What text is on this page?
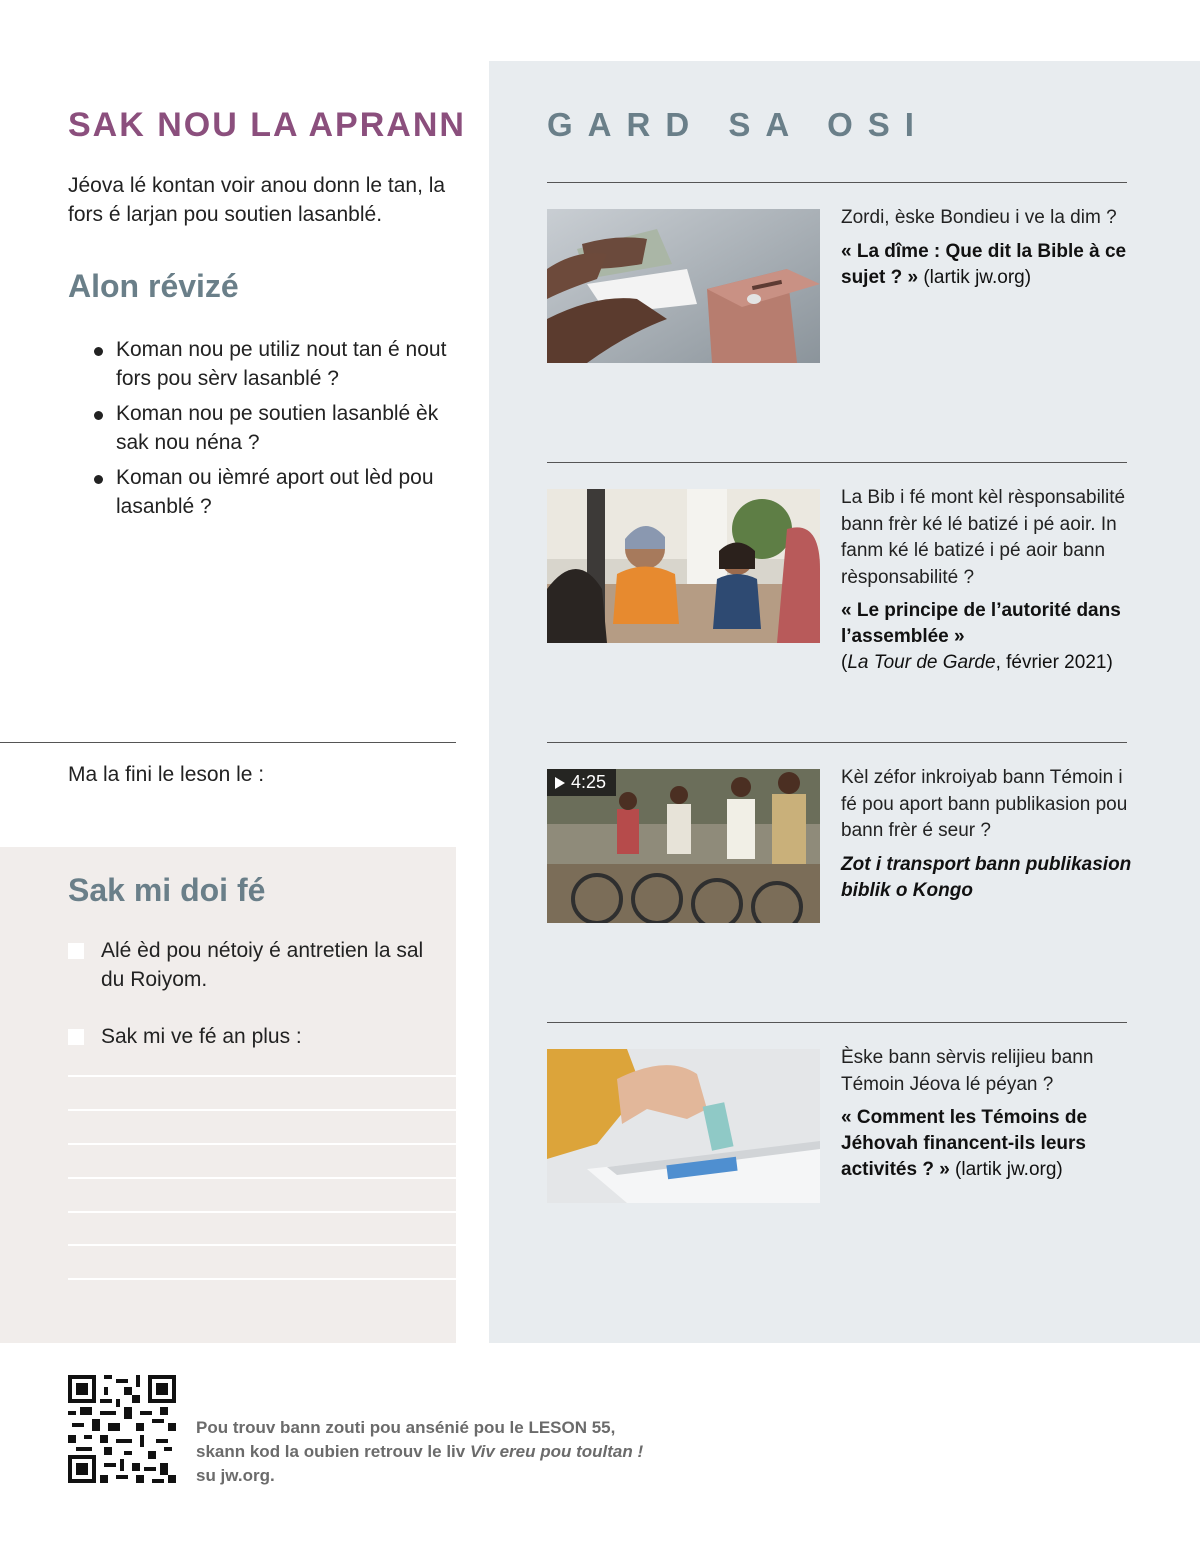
SAK NOU LA APRANN

Jéova lé kontan voir anou donn le tan, la fors é larjan pou soutien lasanblé.

Alon révizé
Koman nou pe utiliz nout tan é nout fors pou sèrv lasanblé ?
Koman nou pe soutien lasanblé èk sak nou néna ?
Koman ou ièmré aport out lèd pou lasanblé ?
Ma la fini le leson le :
Sak mi doi fé
Alé èd pou nétoiy é antretien la sal du Roiyom.
Sak mi ve fé an plus :
GARD SA OSI
Zordi, èske Bondieu i ve la dim ?
« La dîme : Que dit la Bible à ce sujet ? » (lartik jw.org)
La Bib i fé mont kèl rèsponsabilité bann frèr ké lé batizé i pé aoir. In fanm ké lé batizé i pé aoir bann rèsponsabilité ?
« Le principe de l’autorité dans l’assemblée »
(La Tour de Garde, février 2021)
4:25	Kèl zéfor inkroiyab bann Témoin i fé pou aport bann publikasion pou bann frèr é seur ?
Zot i transport bann publikasion biblik o Kongo
Èske bann sèrvis relijieu bann Témoin Jéova lé péyan ?
« Comment les Témoins de Jéhovah financent-ils leurs activités ? » (lartik jw.org)
Pou trouv bann zouti pou ansénié pou le LESON 55,
skann kod la oubien retrouv le liv Viv ereu pou toultan !
su jw.org.
